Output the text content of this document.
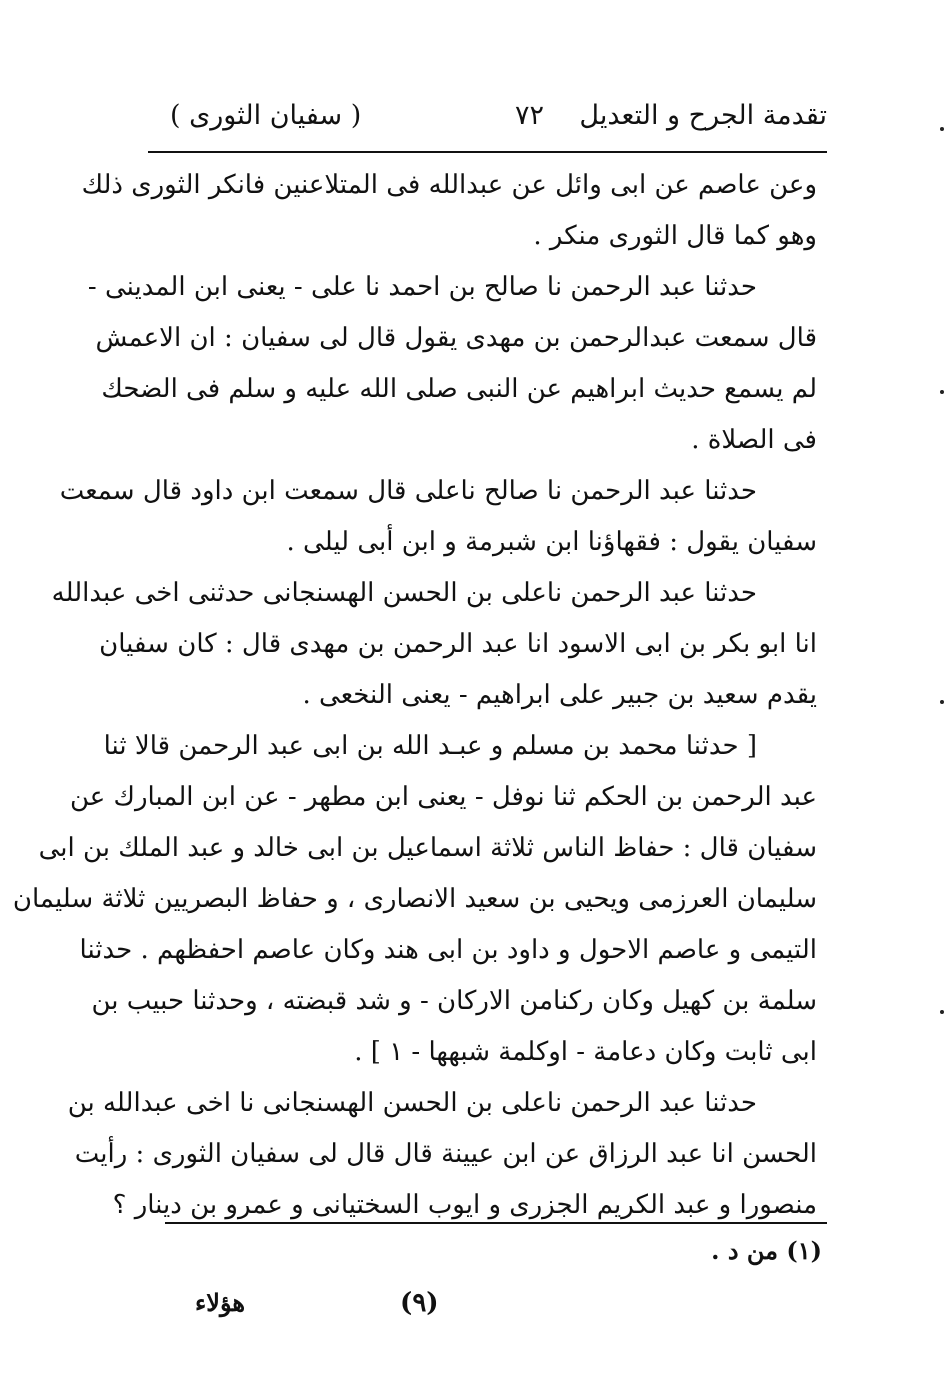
تقدمة الجرح و التعديل
٧٢
( سفيان الثورى )
وعن عاصم عن ابى وائل عن عبدالله فى المتلاعنين فانكر الثورى ذلك
وهو كما قال الثورى منكر .
حدثنا عبد الرحمن نا صالح بن احمد نا على - يعنى ابن المدينى -
قال سمعت عبدالرحمن بن مهدى يقول قال لى سفيان : ان الاعمش
لم يسمع حديث ابراهيم عن النبى صلى الله عليه و سلم فى الضحك
فى الصلاة .
حدثنا عبد الرحمن نا صالح ناعلى قال سمعت ابن داود قال سمعت
سفيان يقول : فقهاؤنا ابن شبرمة و ابن أبى ليلى .
حدثنا عبد الرحمن ناعلى بن الحسن الهسنجانى حدثنى اخى عبدالله
انا ابو بكر بن ابى الاسود انا عبد الرحمن بن مهدى قال : كان سفيان
يقدم سعيد بن جبير على ابراهيم - يعنى النخعى .
[ حدثنا محمد بن مسلم و عبـد الله بن ابى عبد الرحمن قالا ثنا
عبد الرحمن بن الحكم ثنا نوفل - يعنى ابن مطهر - عن ابن المبارك عن
سفيان قال : حفاظ الناس ثلاثة اسماعيل بن ابى خالد و عبد الملك بن ابى
سليمان العرزمى ويحيى بن سعيد الانصارى ، و حفاظ البصريين ثلاثة سليمان
التيمى و عاصم الاحول و داود بن ابى هند وكان عاصم احفظهم . حدثنا
سلمة بن كهيل وكان ركنامن الاركان - و شد قبضته ، وحدثنا حبيب بن
ابى ثابت وكان دعامة - اوكلمة شبهها - ١ ] .
حدثنا عبد الرحمن ناعلى بن الحسن الهسنجانى نا اخى عبدالله بن
الحسن انا عبد الرزاق عن ابن عيينة قال قال لى سفيان الثورى : رأيت
منصورا و عبد الكريم الجزرى و ايوب السختيانى و عمرو بن دينار ؟
(١) من د .
هؤلاء	(٩)
